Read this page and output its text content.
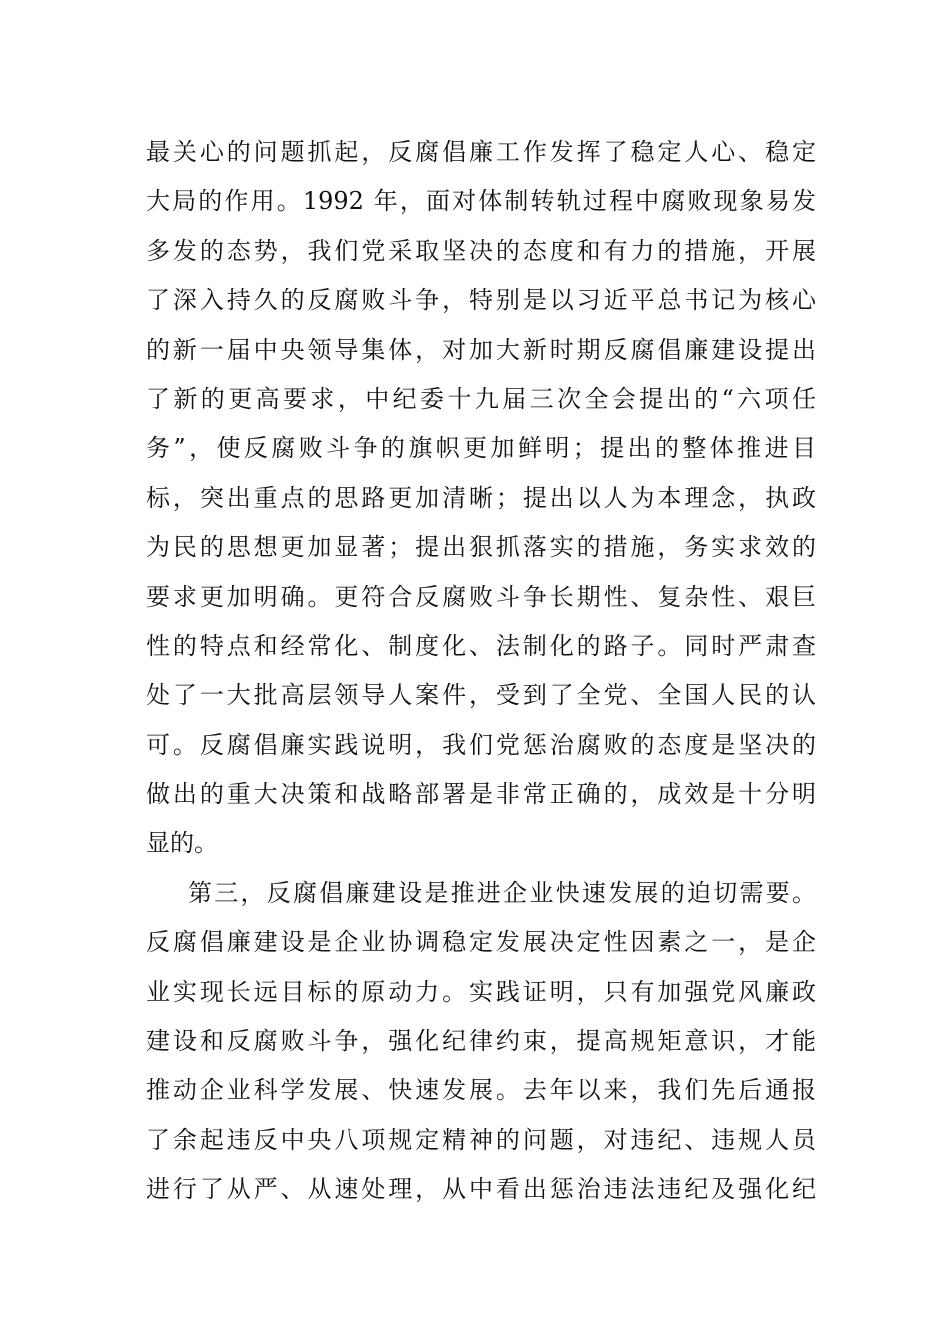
最关心的问题抓起，反腐倡廉工作发挥了稳定人心、稳定
大局的作用。1992 年，面对体制转轨过程中腐败现象易发
多发的态势，我们党采取坚决的态度和有力的措施，开展
了深入持久的反腐败斗争，特别是以习近平总书记为核心
的新一届中央领导集体，对加大新时期反腐倡廉建设提出
了新的更高要求，中纪委十九届三次全会提出的“六项任
务”，使反腐败斗争的旗帜更加鲜明；提出的整体推进目
标，突出重点的思路更加清晰；提出以人为本理念，执政
为民的思想更加显著；提出狠抓落实的措施，务实求效的
要求更加明确。更符合反腐败斗争长期性、复杂性、艰巨
性的特点和经常化、制度化、法制化的路子。同时严肃查
处了一大批高层领导人案件，受到了全党、全国人民的认
可。反腐倡廉实践说明，我们党惩治腐败的态度是坚决的
做出的重大决策和战略部署是非常正确的，成效是十分明
显的。
第三，反腐倡廉建设是推进企业快速发展的迫切需要。
反腐倡廉建设是企业协调稳定发展决定性因素之一，是企
业实现长远目标的原动力。实践证明，只有加强党风廉政
建设和反腐败斗争，强化纪律约束，提高规矩意识，才能
推动企业科学发展、快速发展。去年以来，我们先后通报
了余起违反中央八项规定精神的问题，对违纪、违规人员
进行了从严、从速处理，从中看出惩治违法违纪及强化纪
